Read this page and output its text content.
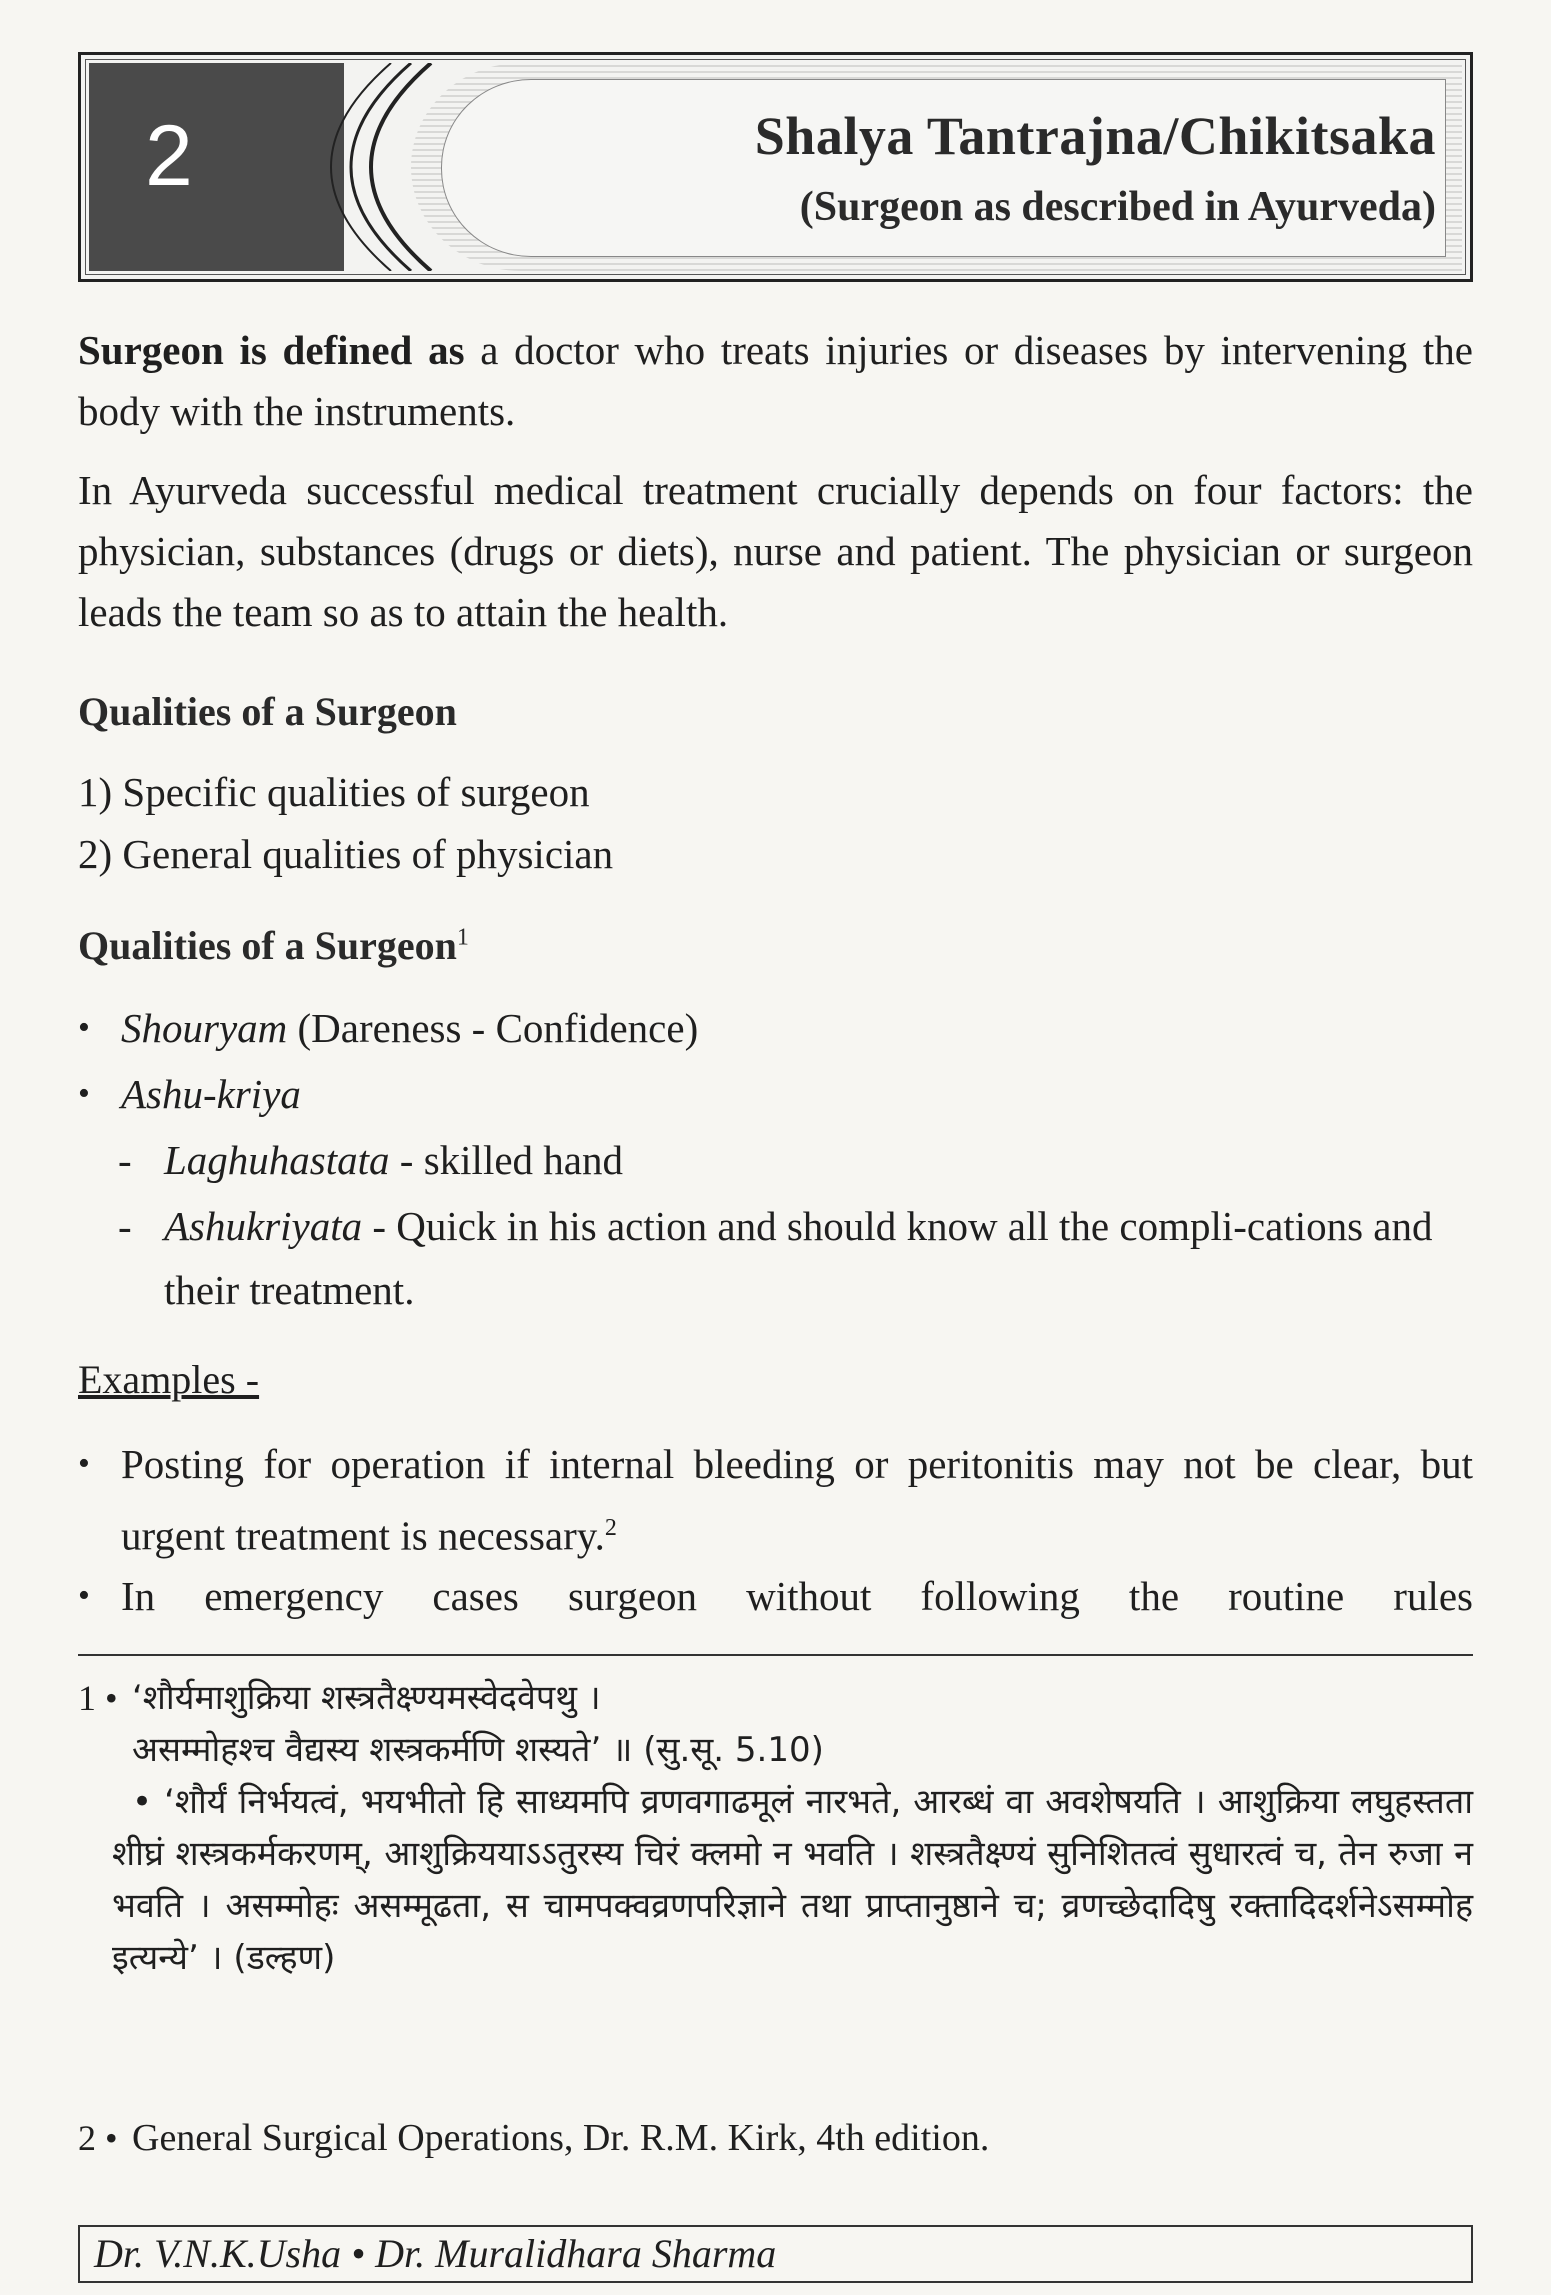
2	Shalya Tantrajna/Chikitsaka
(Surgeon as described in Ayurveda)
Surgeon is defined as a doctor who treats injuries or diseases by intervening the body with the instruments.
In Ayurveda successful medical treatment crucially depends on four factors: the physician, substances (drugs or diets), nurse and patient. The physician or surgeon leads the team so as to attain the health.
Qualities of a Surgeon
1) Specific qualities of surgeon
2) General qualities of physician
Qualities of a Surgeon$^1$
• Shouryam (Dareness - Confidence)
• Ashu-kriya
- Laghuhastata - skilled hand
- Ashukriyata - Quick in his action and should know all the compli-cations and their treatment.
Examples -
• Posting for operation if internal bleeding or peritonitis may not be clear, but urgent treatment is necessary.$^2$
• In emergency cases surgeon without following the routine rules
1 • ‘शौर्यमाशुक्रिया शस्त्रतैक्ष्ण्यमस्वेदवेपथु ।
असम्मोहश्च वैद्यस्य शस्त्रकर्मणि शस्यते’ ॥ (सु.सू. 5.10)
• ‘शौर्यं निर्भयत्वं, भयभीतो हि साध्यमपि व्रणवगाढमूलं नारभते, आरब्धं वा अवशेषयति । आशुक्रिया लघुहस्तता शीघ्रं शस्त्रकर्मकरणम्, आशुक्रिययाऽऽतुरस्य चिरं क्लमो न भवति । शस्त्रतैक्ष्ण्यं सुनिशितत्वं सुधारत्वं च, तेन रुजा न भवति । असम्मोहः असम्मूढता, स चामपक्वव्रणपरिज्ञाने तथा प्राप्तानुष्ठाने च; व्रणच्छेदादिषु रक्तादिदर्शनेऽसम्मोह इत्यन्ये’ । (डल्हण)
2 • General Surgical Operations, Dr. R.M. Kirk, 4th edition.
Dr. V.N.K.Usha • Dr. Muralidhara Sharma
